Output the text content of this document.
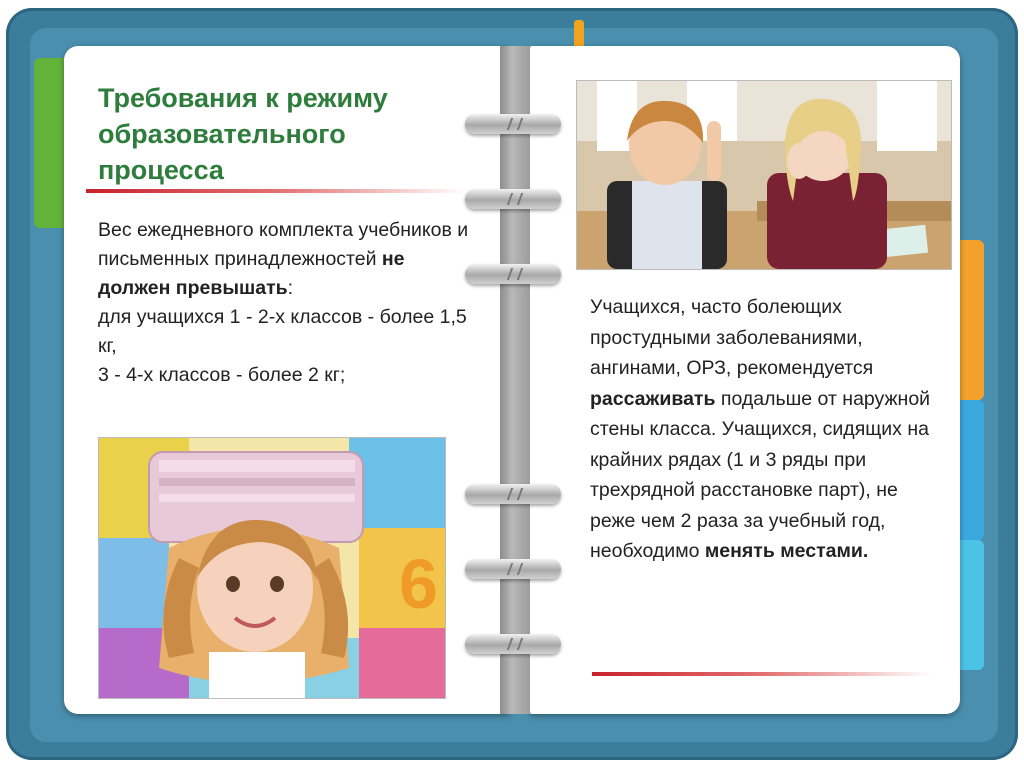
Требования к режиму
образовательного
процесса
Вес ежедневного комплекта учебников и письменных принадлежностей не должен превышать:
для учащихся 1 - 2-х классов - более 1,5 кг,
3 - 4-х классов - более 2 кг;
6
Учащихся, часто болеющих простудными заболеваниями, ангинами, ОРЗ, рекомендуется рассаживать подальше от наружной стены класса. Учащихся, сидящих на крайних рядах (1 и 3 ряды при трехрядной расстановке парт), не реже чем 2 раза за учебный год, необходимо менять местами.
